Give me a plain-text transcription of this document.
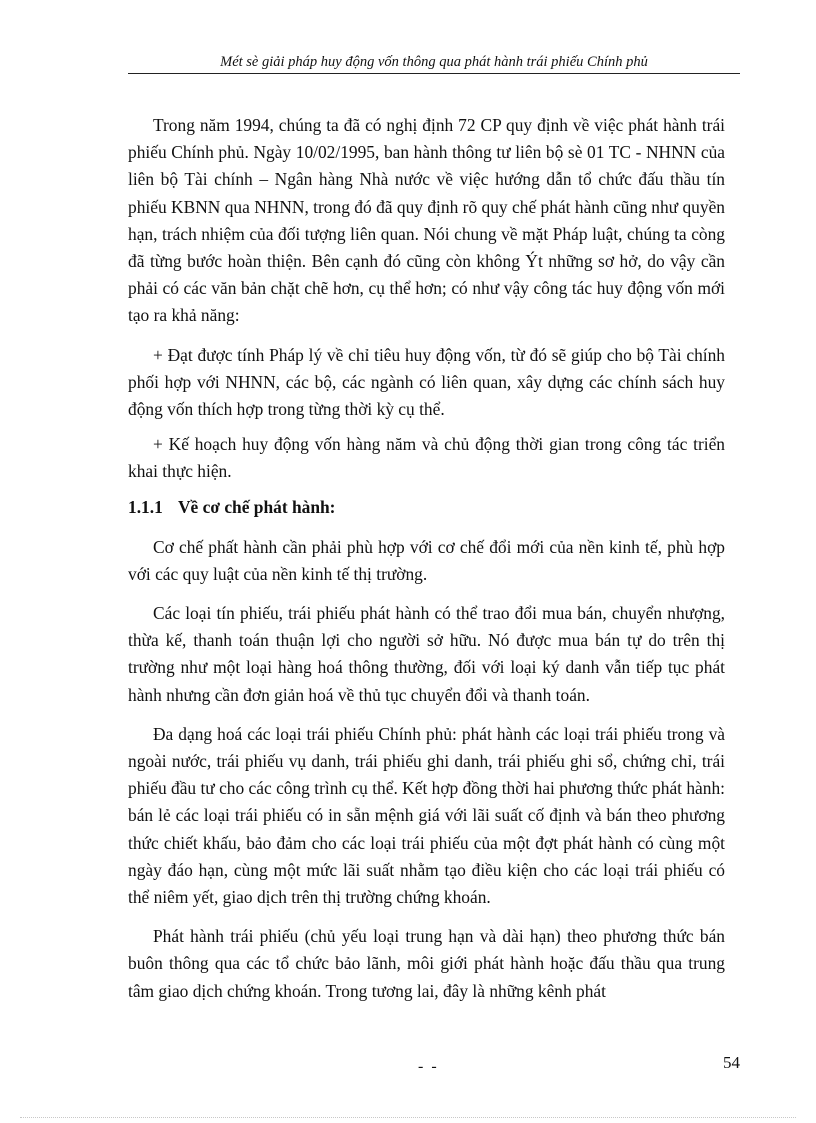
Mét sè giải pháp huy động vốn thông qua phát hành trái phiếu Chính phủ

Trong năm 1994, chúng ta đã có nghị định 72 CP quy định về việc phát hành trái phiếu Chính phủ. Ngày 10/02/1995, ban hành thông tư liên bộ sè 01 TC - NHNN của liên bộ Tài chính – Ngân hàng Nhà nước về việc hướng dẫn tổ chức đấu thầu tín phiếu KBNN qua NHNN, trong đó đã quy định rõ quy chế phát hành cũng như quyền hạn, trách nhiệm của đối tượng liên quan. Nói chung về mặt Pháp luật, chúng ta còng đã từng bước hoàn thiện. Bên cạnh đó cũng còn không Ýt những sơ hở, do vậy cần phải có các văn bản chặt chẽ hơn, cụ thể hơn; có như vậy công tác huy động vốn mới tạo ra khả năng:

+ Đạt được tính Pháp lý về chỉ tiêu huy động vốn, từ đó sẽ giúp cho bộ Tài chính phối hợp với NHNN, các bộ, các ngành có liên quan, xây dựng các chính sách huy động vốn thích hợp trong từng thời kỳ cụ thể.

+ Kế hoạch huy động vốn hàng năm và chủ động thời gian trong công tác triển khai thực hiện.

1.1.1 Về cơ chế phát hành:

Cơ chế phất hành cần phải phù hợp với cơ chế đổi mới của nền kinh tế, phù hợp với các quy luật của nền kinh tế thị trường.

Các loại tín phiếu, trái phiếu phát hành có thể trao đổi mua bán, chuyển nhượng, thừa kế, thanh toán thuận lợi cho người sở hữu. Nó được mua bán tự do trên thị trường như một loại hàng hoá thông thường, đối với loại ký danh vẫn tiếp tục phát hành nhưng cần đơn giản hoá về thủ tục chuyển đổi và thanh toán.

Đa dạng hoá các loại trái phiếu Chính phủ: phát hành các loại trái phiếu trong và ngoài nước, trái phiếu vụ danh, trái phiếu ghi danh, trái phiếu ghi sổ, chứng chỉ, trái phiếu đầu tư cho các công trình cụ thể. Kết hợp đồng thời hai phương thức phát hành: bán lẻ các loại trái phiếu có in sẵn mệnh giá với lãi suất cố định và bán theo phương thức chiết khấu, bảo đảm cho các loại trái phiếu của một đợt phát hành có cùng một ngày đáo hạn, cùng một mức lãi suất nhằm tạo điều kiện cho các loại trái phiếu có thể niêm yết, giao dịch trên thị trường chứng khoán.

Phát hành trái phiếu (chủ yếu loại trung hạn và dài hạn) theo phương thức bán buôn thông qua các tổ chức bảo lãnh, môi giới phát hành hoặc đấu thầu qua trung tâm giao dịch chứng khoán. Trong tương lai, đây là những kênh phát

- -	54
